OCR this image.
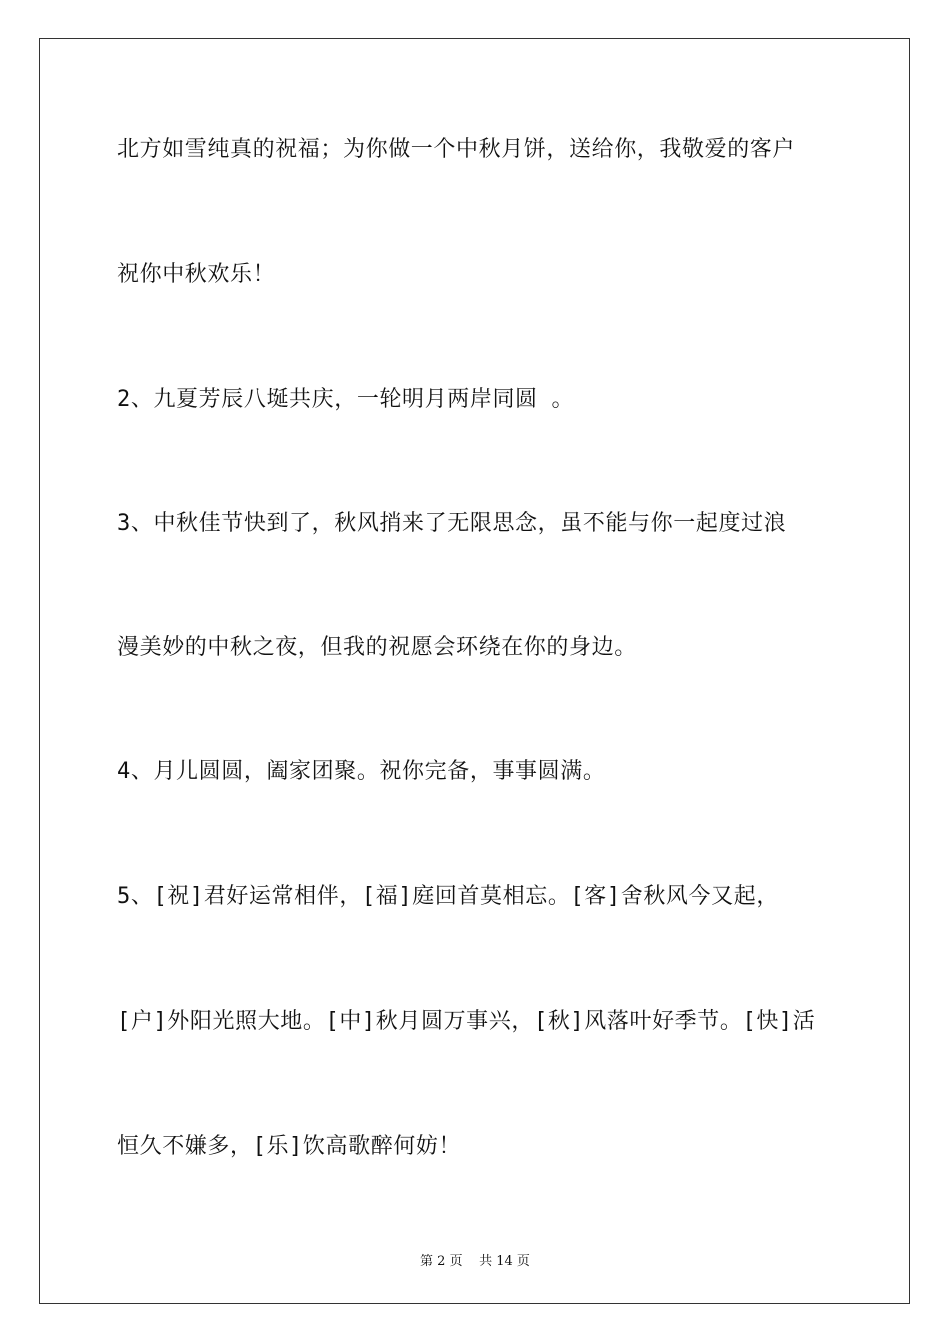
北方如雪纯真的祝福；为你做一个中秋月饼，送给你，我敬爱的客户
祝你中秋欢乐！
2、九夏芳辰八埏共庆，一轮明月两岸同圆 。
3、中秋佳节快到了，秋风捎来了无限思念，虽不能与你一起度过浪
漫美妙的中秋之夜，但我的祝愿会环绕在你的身边。
4、月儿圆圆，阖家团聚。祝你完备，事事圆满。
5、[祝]君好运常相伴，[福]庭回首莫相忘。[客]舍秋风今又起，
[户]外阳光照大地。[中]秋月圆万事兴，[秋]风落叶好季节。[快]活
恒久不嫌多，[乐]饮高歌醉何妨！
第 2 页 共 14 页
